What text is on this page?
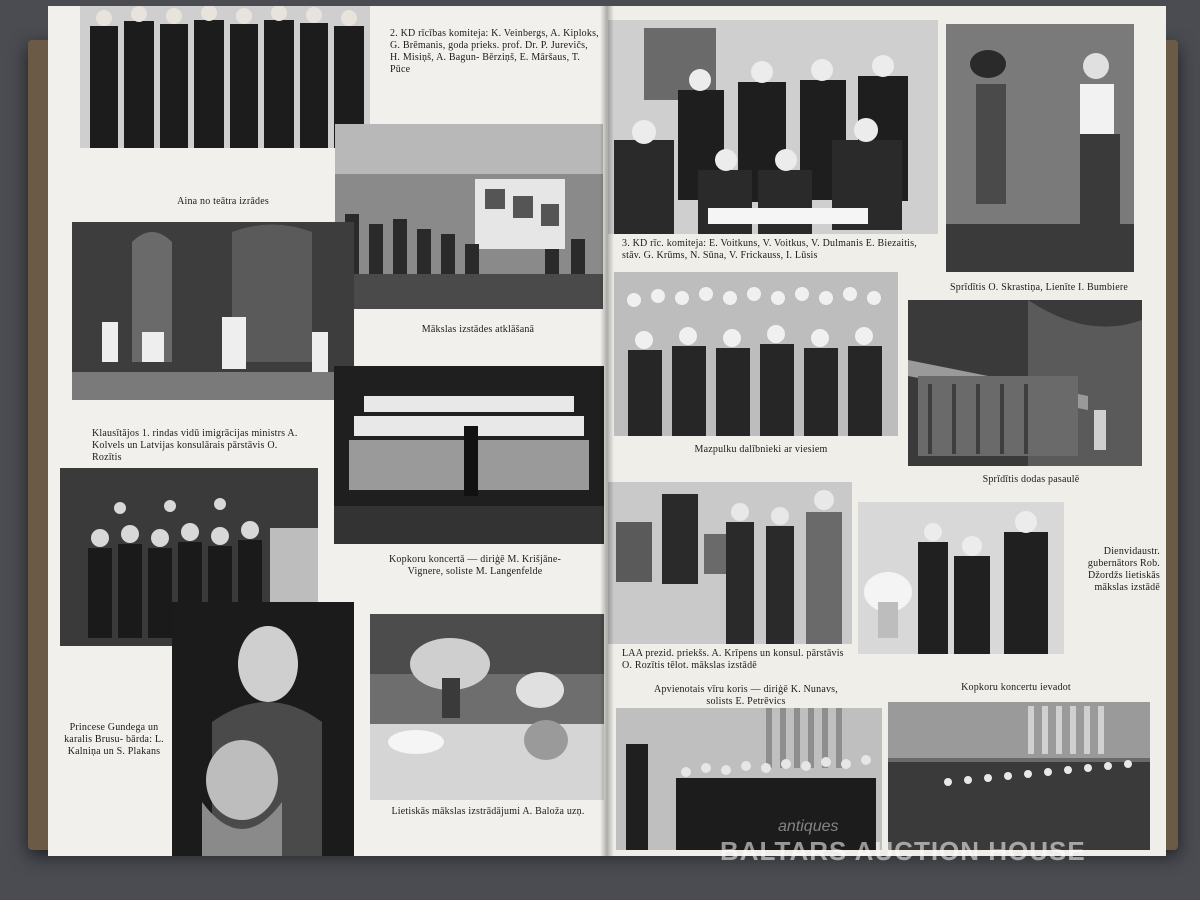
2. KD rīcības komiteja: K. Veinbergs, A. Kiploks, G. Brēmanis, goda prieks. prof. Dr. P. Jurevičs, H. Misiņš, A. Bagun- Bērziņš, E. Māršaus, T. Pūce
Aina no teātra izrādes
Mākslas izstādes atklāšanā
Klausītājos 1. rindas vidū imigrācijas ministrs A. Kolvels un Latvijas konsulārais pārstāvis O. Rozītis
Kopkoru koncertā — diriģē M. Krišjāne- Vignere, soliste M. Langenfelde
Princese Gundega un karalis Brusu- bārda: L. Kalniņa un S. Plakans
Lietiskās mākslas izstrādājumi A. Baloža uzņ.
3. KD rīc. komiteja: E. Voitkuns, V. Voitkus, V. Dulmanis E. Biezaitis, stāv. G. Krūms, N. Sūna, V. Frickauss, I. Lūsis
Sprīdītis O. Skrastiņa, Lienīte I. Bumbiere
Mazpulku dalībnieki ar viesiem
Sprīdītis dodas pasaulē
LAA prezid. priekšs. A. Krīpens un konsul. pārstāvis O. Rozītis tēlot. mākslas izstādē
Dienvidaustr. gubernātors Rob. Džordžs lietiskās mākslas izstādē
Apvienotais vīru koris — diriģē K. Nunavs, solists E. Petrēvics
Kopkoru koncertu ievadot
antiques
BALTARS AUCTION HOUSE
